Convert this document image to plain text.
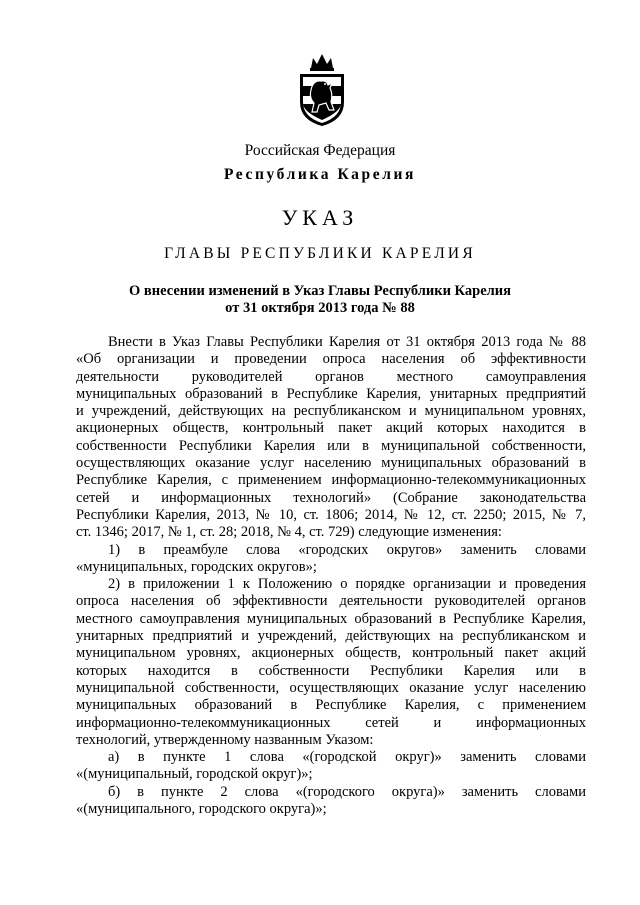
Российская Федерация
Республика Карелия
УКАЗ
ГЛАВЫ РЕСПУБЛИКИ КАРЕЛИЯ
О внесении изменений в Указ Главы Республики Карелия
от 31 октября 2013 года № 88
Внести в Указ Главы Республики Карелия от 31 октября 2013 года № 88
«Об организации и проведении опроса населения об эффективности
деятельности руководителей органов местного самоуправления
муниципальных образований в Республике Карелия, унитарных предприятий
и учреждений, действующих на республиканском и муниципальном уровнях,
акционерных обществ, контрольный пакет акций которых находится в
собственности Республики Карелия или в муниципальной собственности,
осуществляющих оказание услуг населению муниципальных образований в
Республике Карелия, с применением информационно-телекоммуникационных
сетей и информационных технологий» (Собрание законодательства
Республики Карелия, 2013, № 10, ст. 1806; 2014, № 12, ст. 2250; 2015, № 7,
ст. 1346; 2017, № 1, ст. 28; 2018, № 4, ст. 729) следующие изменения:
1) в преамбуле слова «городских округов» заменить словами
«муниципальных, городских округов»;
2) в приложении 1 к Положению о порядке организации и проведения
опроса населения об эффективности деятельности руководителей органов
местного самоуправления муниципальных образований в Республике Карелия,
унитарных предприятий и учреждений, действующих на республиканском и
муниципальном уровнях, акционерных обществ, контрольный пакет акций
которых находится в собственности Республики Карелия или в
муниципальной собственности, осуществляющих оказание услуг населению
муниципальных образований в Республике Карелия, с применением
информационно-телекоммуникационных сетей и информационных
технологий, утвержденному названным Указом:
а) в пункте 1 слова «(городской округ)» заменить словами
«(муниципальный, городской округ)»;
б) в пункте 2 слова «(городского округа)» заменить словами
«(муниципального, городского округа)»;
